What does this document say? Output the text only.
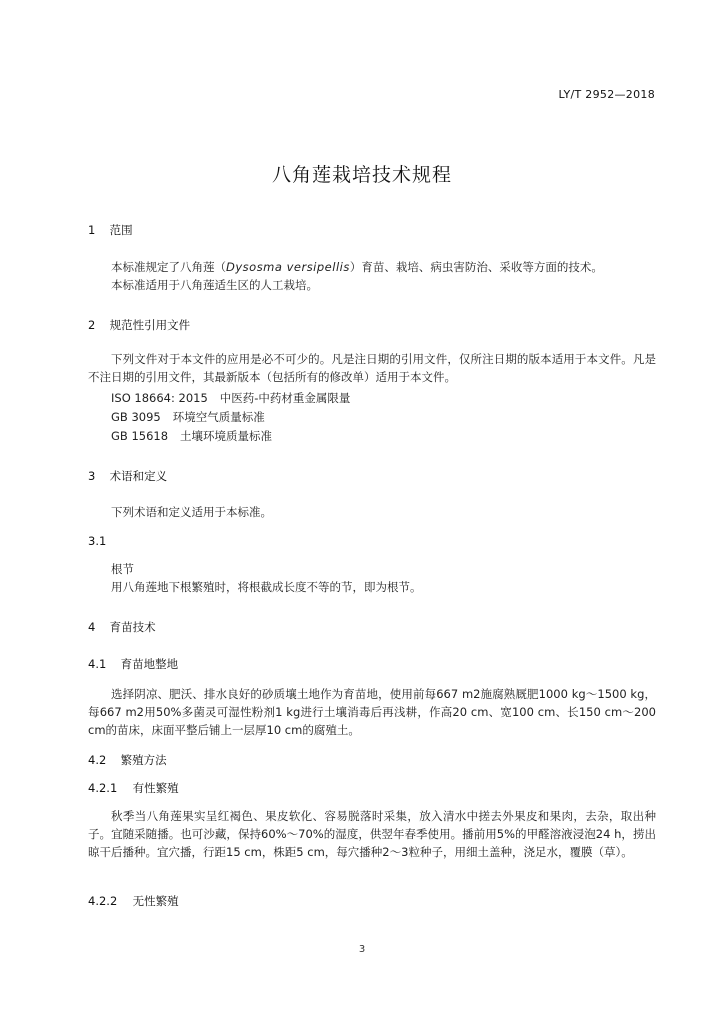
LY/T 2952—2018
八角莲栽培技术规程
1 范围
本标准规定了八角莲（Dysosma versipellis）育苗、栽培、病虫害防治、采收等方面的技术。
本标准适用于八角莲适生区的人工栽培。
2 规范性引用文件
下列文件对于本文件的应用是必不可少的。凡是注日期的引用文件，仅所注日期的版本适用于本文件。凡是不注日期的引用文件，其最新版本（包括所有的修改单）适用于本文件。
ISO 18664: 2015 中医药-中药材重金属限量
GB 3095 环境空气质量标准
GB 15618 土壤环境质量标准
3 术语和定义
下列术语和定义适用于本标准。
3.1
根节
用八角莲地下根繁殖时，将根截成长度不等的节，即为根节。
4 育苗技术
4.1 育苗地整地
选择阴凉、肥沃、排水良好的砂质壤土地作为育苗地，使用前每667 m2施腐熟厩肥1000 kg～1500 kg，每667 m2用50%多菌灵可湿性粉剂1 kg进行土壤消毒后再浅耕，作高20 cm、宽100 cm、长150 cm～200 cm的苗床，床面平整后铺上一层厚10 cm的腐殖土。
4.2 繁殖方法
4.2.1 有性繁殖
秋季当八角莲果实呈红褐色、果皮软化、容易脱落时采集，放入清水中搓去外果皮和果肉，去杂，取出种子。宜随采随播。也可沙藏，保持60%～70%的湿度，供翌年春季使用。播前用5%的甲醛溶液浸泡24 h，捞出晾干后播种。宜穴播，行距15 cm，株距5 cm，每穴播种2～3粒种子，用细土盖种，浇足水，覆膜（草）。
4.2.2 无性繁殖
3
